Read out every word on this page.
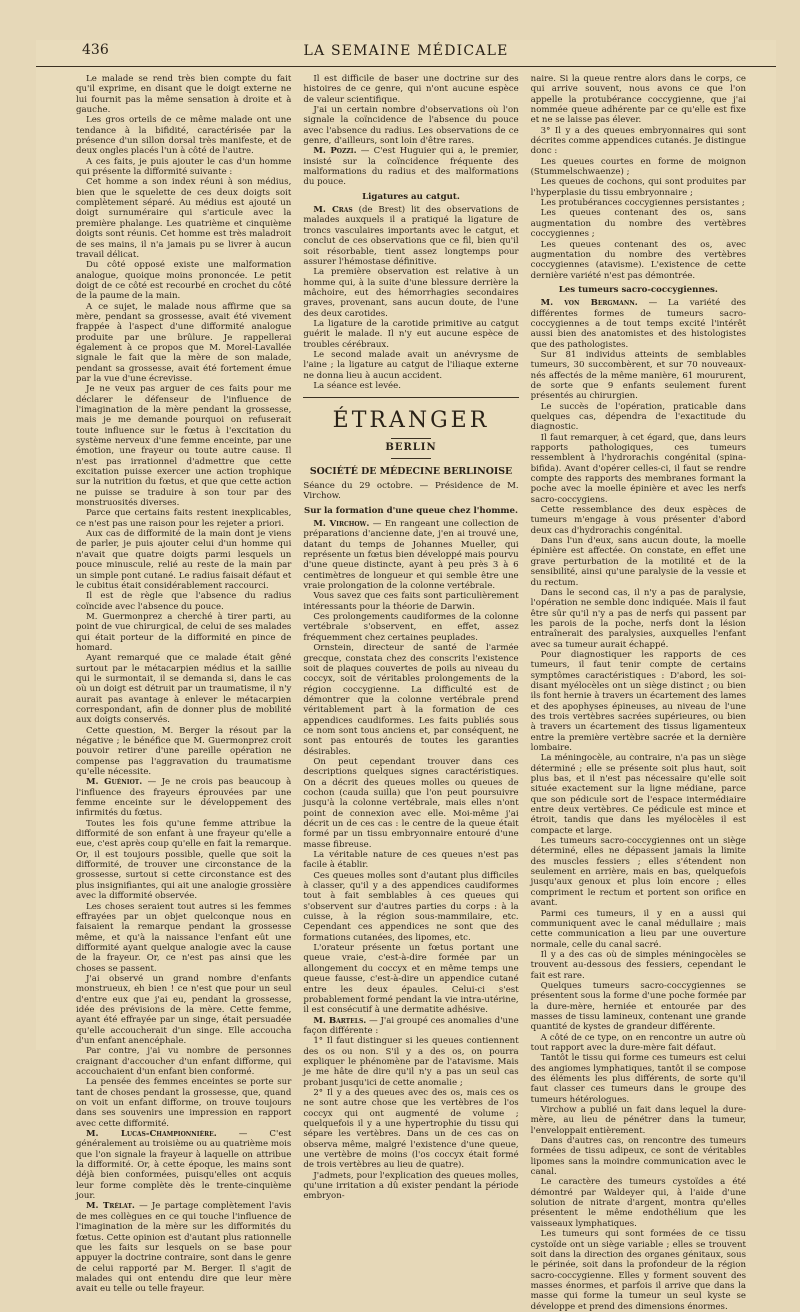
436	LA SEMAINE MÉDICALE

Le malade se rend très bien compte du fait qu'il exprime, en disant que le doigt externe ne lui fournit pas la même sensation à droite et à gauche.

Les gros orteils de ce même malade ont une tendance à la bifidité, caractérisée par la présence d'un sillon dorsal très manifeste, et de deux ongles placés l'un à côté de l'autre.

A ces faits, je puis ajouter le cas d'un homme qui présente la difformité suivante :

Cet homme a son index réuni à son médius, bien que le squelette de ces deux doigts soit complètement séparé. Au médius est ajouté un doigt surnuméraire qui s'articule avec la première phalange. Les quatrième et cinquième doigts sont réunis. Cet homme est très maladroit de ses mains, il n'a jamais pu se livrer à aucun travail délicat.

Du côté opposé existe une malformation analogue, quoique moins prononcée. Le petit doigt de ce côté est recourbé en crochet du côté de la paume de la main.

A ce sujet, le malade nous affirme que sa mère, pendant sa grossesse, avait été vivement frappée à l'aspect d'une difformité analogue produite par une brûlure. Je rappellerai également à ce propos que M. Morel-Lavallée signale le fait que la mère de son malade, pendant sa grossesse, avait été fortement émue par la vue d'une écrevisse.

Je ne veux pas arguer de ces faits pour me déclarer le défenseur de l'influence de l'imagination de la mère pendant la grossesse, mais je me demande pourquoi on refuserait toute influence sur le fœtus à l'excitation du système nerveux d'une femme enceinte, par une émotion, une frayeur ou toute autre cause. Il n'est pas irrationnel d'admettre que cette excitation puisse exercer une action trophique sur la nutrition du fœtus, et que que cette action ne puisse se traduire à son tour par des monstruosités diverses.

Parce que certains faits restent inexplicables, ce n'est pas une raison pour les rejeter a priori.

Aux cas de difformité de la main dont je viens de parler, je puis ajouter celui d'un homme qui n'avait que quatre doigts parmi lesquels un pouce minuscule, relié au reste de la main par un simple pont cutané. Le radius faisait défaut et le cubitus était considérablement raccourci.

Il est de règle que l'absence du radius coïncide avec l'absence du pouce.

M. Guermonprez a cherché à tirer parti, au point de vue chirurgical, de celui de ses malades qui était porteur de la difformité en pince de homard.

Ayant remarqué que ce malade était gêné surtout par le métacarpien médius et la saillie qui le surmontait, il se demanda si, dans le cas où un doigt est détruit par un traumatisme, il n'y aurait pas avantage à enlever le métacarpien correspondant, afin de donner plus de mobilité aux doigts conservés.

Cette question, M. Berger la résout par la négative ; le bénéfice que M. Guermonprez croit pouvoir retirer d'une pareille opération ne compense pas l'aggravation du traumatisme qu'elle nécessite.

M. Guéniot. — Je ne crois pas beaucoup à l'influence des frayeurs éprouvées par une femme enceinte sur le développement des infirmités du fœtus.

Toutes les fois qu'une femme attribue la difformité de son enfant à une frayeur qu'elle a eue, c'est après coup qu'elle en fait la remarque. Or, il est toujours possible, quelle que soit la difformité, de trouver une circonstance de la grossesse, surtout si cette circonstance est des plus insignifiantes, qui ait une analogie grossière avec la difformité observée.

Les choses seraient tout autres si les femmes effrayées par un objet quelconque nous en faisaient la remarque pendant la grossesse même, et qu'à la naissance l'enfant eût une difformité ayant quelque analogie avec la cause de la frayeur. Or, ce n'est pas ainsi que les choses se passent.

J'ai observé un grand nombre d'enfants monstrueux, eh bien ! ce n'est que pour un seul d'entre eux que j'ai eu, pendant la grossesse, idée des prévisions de la mère. Cette femme, ayant été effrayée par un singe, était persuadée qu'elle accoucherait d'un singe. Elle accoucha d'un enfant anencéphale.

Par contre, j'ai vu nombre de personnes craignant d'accoucher d'un enfant difforme, qui accouchaient d'un enfant bien conformé.

La pensée des femmes enceintes se porte sur tant de choses pendant la grossesse, que, quand on voit un enfant difforme, on trouve toujours dans ses souvenirs une impression en rapport avec cette difformité.

M. Lucas-Championnière. — C'est généralement au troisième ou au quatrième mois que l'on signale la frayeur à laquelle on attribue la difformité. Or, à cette époque, les mains sont déjà bien conformées, puisqu'elles ont acquis leur forme complète dès le trente-cinquième jour.

M. Trélat. — Je partage complètement l'avis de mes collègues en ce qui touche l'influence de l'imagination de la mère sur les difformités du fœtus. Cette opinion est d'autant plus rationnelle que les faits sur lesquels on se base pour appuyer la doctrine contraire, sont dans le genre de celui rapporté par M. Berger. Il s'agit de malades qui ont entendu dire que leur mère avait eu telle ou telle frayeur.

Il est difficile de baser une doctrine sur des histoires de ce genre, qui n'ont aucune espèce de valeur scientifique.

J'ai un certain nombre d'observations où l'on signale la coïncidence de l'absence du pouce avec l'absence du radius. Les observations de ce genre, d'ailleurs, sont loin d'être rares.

M. Pozzi. — C'est Huguier qui a, le premier, insisté sur la coïncidence fréquente des malformations du radius et des malformations du pouce.

Ligatures au catgut.

M. Cras (de Brest) lit des observations de malades auxquels il a pratiqué la ligature de troncs vasculaires importants avec le catgut, et conclut de ces observations que ce fil, bien qu'il soit résorbable, tient assez longtemps pour assurer l'hémostase définitive.

La première observation est relative à un homme qui, à la suite d'une blessure derrière la mâchoire, eut des hémorrhagies secondaires graves, provenant, sans aucun doute, de l'une des deux carotides.

La ligature de la carotide primitive au catgut guérit le malade. Il n'y eut aucune espèce de troubles cérébraux.

Le second malade avait un anévrysme de l'aine ; la ligature au catgut de l'iliaque externe ne donna lieu à aucun accident.

La séance est levée.

ÉTRANGER
BERLIN
SOCIÉTÉ DE MÉDECINE BERLINOISE

Séance du 29 octobre. — Présidence de M. Virchow.

Sur la formation d'une queue chez l'homme.

M. Virchow. — En rangeant une collection de préparations d'ancienne date, j'en ai trouvé une, datant du temps de Johannes Mueller, qui représente un fœtus bien développé mais pourvu d'une queue distincte, ayant à peu près 3 à 6 centimètres de longueur et qui semble être une vraie prolongation de la colonne vertébrale.

Vous savez que ces faits sont particulièrement intéressants pour la théorie de Darwin.

Ces prolongements caudiformes de la colonne vertébrale s'observent, en effet, assez fréquemment chez certaines peuplades.

Ornstein, directeur de santé de l'armée grecque, constata chez des conscrits l'existence soit de plaques couvertes de poils au niveau du coccyx, soit de véritables prolongements de la région coccygienne. La difficulté est de démontrer que la colonne vertébrale prend véritablement part à la formation de ces appendices caudiformes. Les faits publiés sous ce nom sont tous anciens et, par conséquent, ne sont pas entourés de toutes les garanties désirables.

On peut cependant trouver dans ces descriptions quelques signes caractéristiques. On a décrit des queues molles ou queues de cochon (cauda suilla) que l'on peut poursuivre jusqu'à la colonne vertébrale, mais elles n'ont point de connexion avec elle. Moi-même j'ai décrit un de ces cas : le centre de la queue était formé par un tissu embryonnaire entouré d'une masse fibreuse.

La véritable nature de ces queues n'est pas facile à établir.

Ces queues molles sont d'autant plus difficiles à classer, qu'il y a des appendices caudiformes tout à fait semblables à ces queues qui s'observent sur d'autres parties du corps : à la cuisse, à la région sous-mammilaire, etc. Cependant ces appendices ne sont que des formations cutanées, des lipomes, etc.

L'orateur présente un fœtus portant une queue vraie, c'est-à-dire formée par un allongement du coccyx et en même temps une queue fausse, c'est-à-dire un appendice cutané entre les deux épaules. Celui-ci s'est probablement formé pendant la vie intra-utérine, il est consécutif à une dermatite adhésive.

M. Bartels. — J'ai groupé ces anomalies d'une façon différente :

1° Il faut distinguer si les queues contiennent des os ou non. S'il y a des os, on pourra expliquer le phénomène par de l'atavisme. Mais je me hâte de dire qu'il n'y a pas un seul cas probant jusqu'ici de cette anomalie ;

2° Il y a des queues avec des os, mais ces os ne sont autre chose que les vertèbres de l'os coccyx qui ont augmenté de volume ; quelquefois il y a une hypertrophie du tissu qui sépare les vertèbres. Dans un de ces cas on observa même, malgré l'existence d'une queue, une vertèbre de moins (l'os coccyx était formé de trois vertèbres au lieu de quatre).

J'admets, pour l'explication des queues molles, qu'une irritation a dû exister pendant la période embryon-

naire. Si la queue rentre alors dans le corps, ce qui arrive souvent, nous avons ce que l'on appelle la protubérance coccygienne, que j'ai nommée queue adhérente par ce qu'elle est fixe et ne se laisse pas élever.

3° Il y a des queues embryonnaires qui sont décrites comme appendices cutanés. Je distingue donc :

Les queues courtes en forme de moignon (Stummelschwaenze) ;

Les queues de cochons, qui sont produites par l'hyperplasie du tissu embryonnaire ;

Les protubérances coccygiennes persistantes ;

Les queues contenant des os, sans augmentation du nombre des vertèbres coccygiennes ;

Les queues contenant des os, avec augmentation du nombre des vertèbres coccygiennes (atavisme). L'existence de cette dernière variété n'est pas démontrée.

Les tumeurs sacro-coccygiennes.

M. von Bergmann. — La variété des différentes formes de tumeurs sacro-coccygiennes a de tout temps excité l'intérêt aussi bien des anatomistes et des histologistes que des pathologistes.

Sur 81 individus atteints de semblables tumeurs, 30 succombèrent, et sur 70 nouveaux-nés affectés de la même manière, 61 moururent, de sorte que 9 enfants seulement furent présentés au chirurgien.

Le succès de l'opération, praticable dans quelques cas, dépendra de l'exactitude du diagnostic.

Il faut remarquer, à cet égard, que, dans leurs rapports pathologiques, ces tumeurs ressemblent à l'hydrorachis congénital (spina-bifida). Avant d'opérer celles-ci, il faut se rendre compte des rapports des membranes formant la poche avec la moelle épinière et avec les nerfs sacro-coccygiens.

Cette ressemblance des deux espèces de tumeurs m'engage à vous présenter d'abord deux cas d'hydrorachis congénital.

Dans l'un d'eux, sans aucun doute, la moelle épinière est affectée. On constate, en effet une grave perturbation de la motilité et de la sensibilité, ainsi qu'une paralysie de la vessie et du rectum.

Dans le second cas, il n'y a pas de paralysie, l'opération ne semble donc indiquée. Mais il faut être sûr qu'il n'y a pas de nerfs qui passent par les parois de la poche, nerfs dont la lésion entraînerait des paralysies, auxquelles l'enfant avec sa tumeur aurait échappé.

Pour diagnostiquer les rapports de ces tumeurs, il faut tenir compte de certains symptômes caractéristiques : D'abord, les soi-disant myélocèles ont un siège distinct ; ou bien ils font hernie à travers un écartement des lames et des apophyses épineuses, au niveau de l'une des trois vertèbres sacrées supérieures, ou bien à travers un écartement des tissus ligamenteux entre la première vertèbre sacrée et la dernière lombaire.

La méningocèle, au contraire, n'a pas un siège déterminé ; elle se présente soit plus haut, soit plus bas, et il n'est pas nécessaire qu'elle soit située exactement sur la ligne médiane, parce que son pédicule sort de l'espace intermédiaire entre deux vertèbres. Ce pédicule est mince et étroit, tandis que dans les myélocèles il est compacte et large.

Les tumeurs sacro-coccygiennes ont un siège déterminé, elles ne dépassent jamais la limite des muscles fessiers ; elles s'étendent non seulement en arrière, mais en bas, quelquefois jusqu'aux genoux et plus loin encore ; elles compriment le rectum et portent son orifice en avant.

Parmi ces tumeurs, il y en a aussi qui communiquent avec le canal médullaire ; mais cette communication a lieu par une ouverture normale, celle du canal sacré.

Il y a des cas où de simples méningocèles se trouvent au-dessous des fessiers, cependant le fait est rare.

Quelques tumeurs sacro-coccygiennes se présentent sous la forme d'une poche formée par la dure-mère, herniée et entourée par des masses de tissu lamineux, contenant une grande quantité de kystes de grandeur différente.

A côté de ce type, on en rencontre un autre où tout rapport avec la dure-mère fait défaut.

Tantôt le tissu qui forme ces tumeurs est celui des angiomes lymphatiques, tantôt il se compose des éléments les plus différents, de sorte qu'il faut classer ces tumeurs dans le groupe des tumeurs hétérologues.

Virchow a publié un fait dans lequel la dure-mère, au lieu de pénétrer dans la tumeur, l'enveloppait entièrement.

Dans d'autres cas, on rencontre des tumeurs formées de tissu adipeux, ce sont de véritables lipomes sans la moindre communication avec le canal.

Le caractère des tumeurs cystoïdes a été démontré par Waldeyer qui, à l'aide d'une solution de nitrate d'argent, montra qu'elles présentent le même endothélium que les vaisseaux lymphatiques.

Les tumeurs qui sont formées de ce tissu cystoïde ont un siège variable ; elles se trouvent soit dans la direction des organes génitaux, sous le périnée, soit dans la profondeur de la région sacro-coccygienne. Elles y forment souvent des masses énormes, et parfois il arrive que dans la masse qui forme la tumeur un seul kyste se développe et prend des dimensions énormes.
